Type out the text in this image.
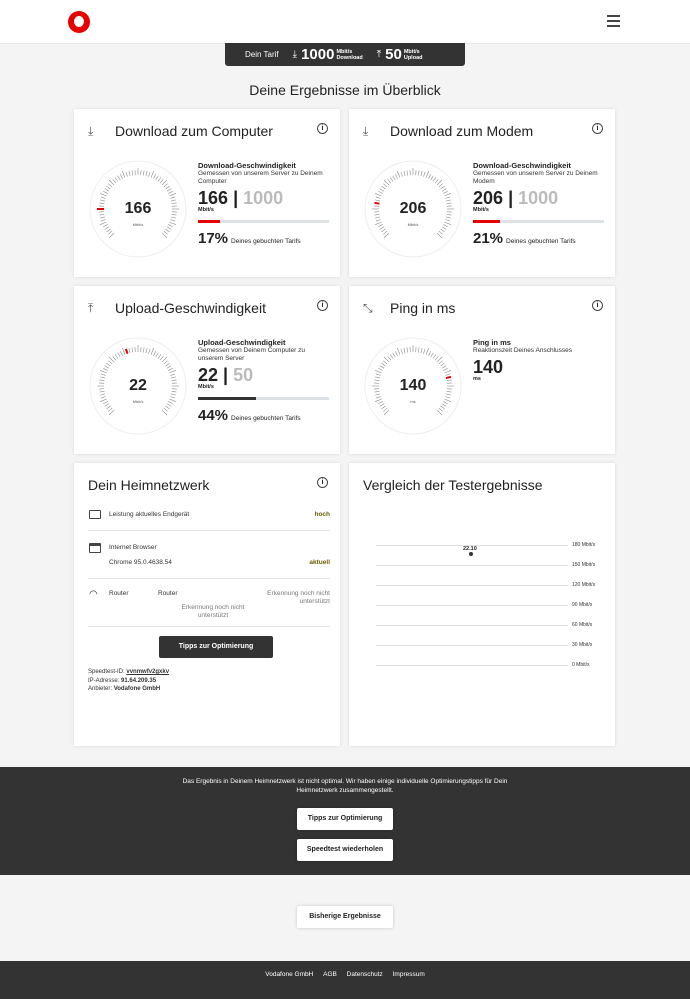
Dein Tarif ⤓ 1000 Mbit/s
Download ⤒ 50 Mbit/s
Upload
Deine Ergebnisse im Überblick
⤓	Download zum Computer	i
166
Mbit/s
Download-Geschwindigkeit
Gemessen von unserem Server zu Deinem Computer
166 | 1000
Mbit/s
17% Deines gebuchten Tarifs
⤓	Download zum Modem	i
206
Mbit/s
Download-Geschwindigkeit
Gemessen von unserem Server zu Deinem Modem
206 | 1000
Mbit/s
21% Deines gebuchten Tarifs
⤒	Upload-Geschwindigkeit	i
22
Mbit/s
Upload-Geschwindigkeit
Gemessen von Deinem Computer zu unserem Server
22 | 50
Mbit/s
44% Deines gebuchten Tarifs
⤡	Ping in ms	i
140
ms
Ping in ms
Reaktionszeit Deines Anschlusses
140
ms
Dein Heimnetzwerk	i
Leistung aktuelles Endgerät	hoch
Internet Browser
Chrome 95.0.4638.54	aktuell
◠ Router	Router	Erkennung noch nicht unterstützt
Erkennung noch nicht unterstützt
Tipps zur Optimierung
Speedtest-ID: vvnmwfv2gxkv
IP-Adresse: 91.64.209.35
Anbieter: Vodafone GmbH
Vergleich der Testergebnisse
180 Mbit/s
150 Mbit/s
120 Mbit/s
90 Mbit/s
60 Mbit/s
30 Mbit/s
0 Mbit/s
22.10
Das Ergebnis in Deinem Heimnetzwerk ist nicht optimal. Wir haben einige individuelle Optimierungstipps für Dein Heimnetzwerk zusammengestellt.
Tipps zur Optimierung
Speedtest wiederholen
Bisherige Ergebnisse
Vodafone GmbH AGB Datenschutz Impressum
